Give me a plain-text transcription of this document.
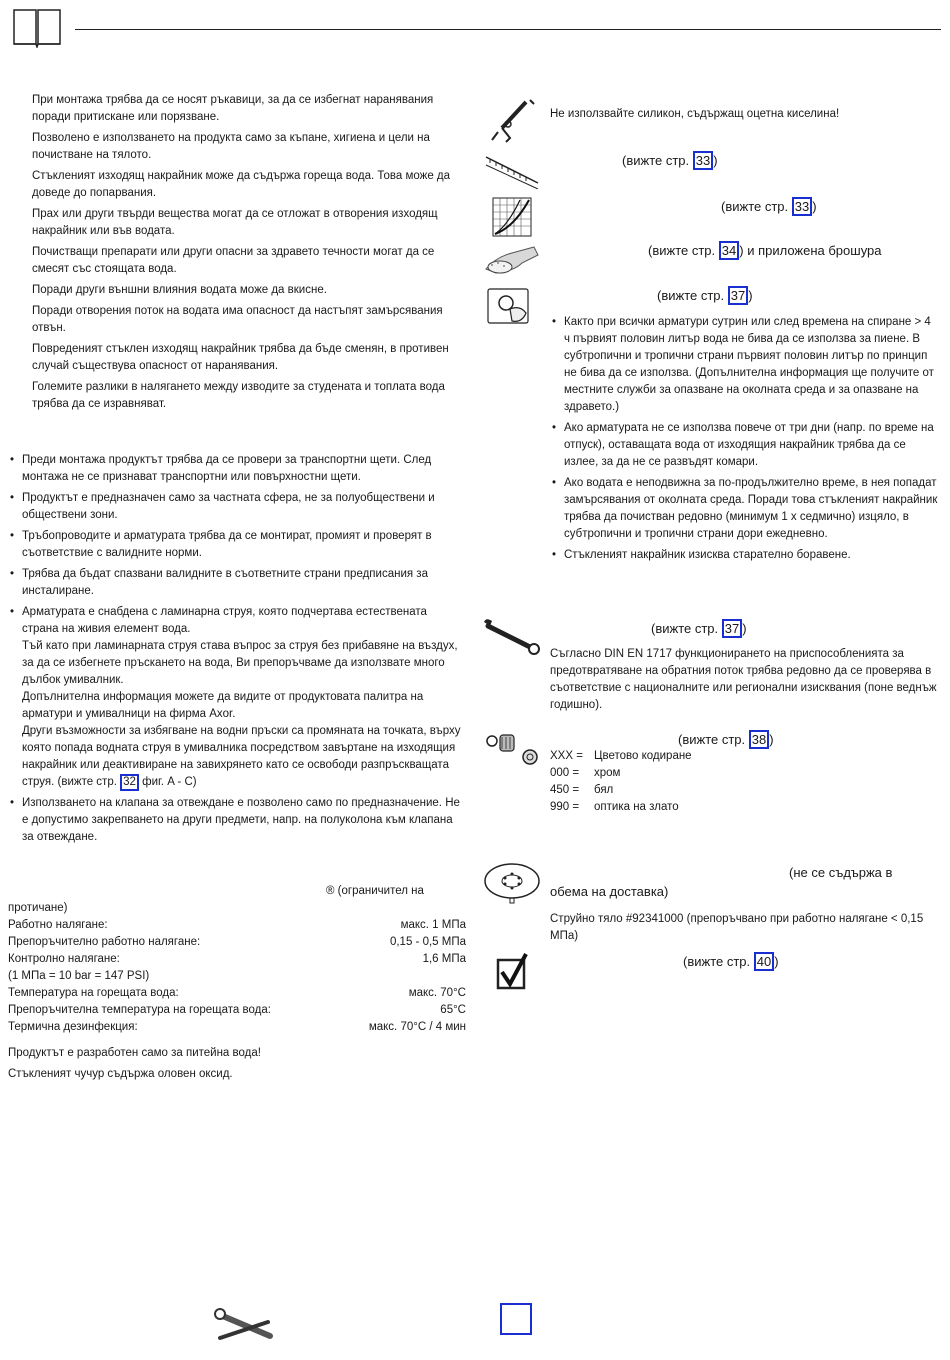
При монтажа трябва да се носят ръкавици, за да се избегнат наранявания поради притискане или порязване.

Позволено е използването на продукта само за къпане, хигиена и цели на почистване на тялото.

Стъкленият изходящ накрайник може да съдържа гореща вода. Това може да доведе до попарвания.

Прах или други твърди вещества могат да се отложат в отворения изходящ накрайник или във водата.

Почистващи препарати или други опасни за здравето течности могат да се смесят със стоящата вода.

Поради други външни влияния водата може да вкисне.

Поради отворения поток на водата има опасност да настъпят замърсявания отвън.

Повреденият стъклен изходящ накрайник трябва да бъде сменян, в противен случай съществува опасност от наранявания.

Големите разлики в налягането между изводите за студената и топлата вода трябва да се изравняват.

• Преди монтажа продуктът трябва да се провери за транспортни щети. След монтажа не се признават транспортни или повърхностни щети.
• Продуктът е предназначен само за частната сфера, не за полуобществени и обществени зони.
• Тръбопроводите и арматурата трябва да се монтират, промият и проверят в съответствие с валидните норми.
• Трябва да бъдат спазвани валидните в съответните страни предписания за инсталиране.
• Арматурата е снабдена с ламинарна струя, която подчертава естествената страна на живия елемент вода.
Тъй като при ламинарната струя става въпрос за струя без прибавяне на въздух, за да се избегнете пръскането на вода, Ви препоръчваме да използвате много дълбок умивалник.
Допълнителна информация можете да видите от продуктовата палитра на арматури и умивалници на фирма Axor.
Други възможности за избягване на водни пръски са промяната на точката, върху която попада водната струя в умивалника посредством завъртане на изходящия накрайник или деактивиране на завихрянето като се освободи разпръскващата струя. (вижте стр. 32 фиг. A - C)
• Използването на клапана за отвеждане е позволено само по предназначение. Не е допустимо закрепването на други предмети, напр. на полуколона към клапана за отвеждане.
® (ограничител на
протичане)
Работно налягане:	макс. 1 МПа
Препоръчително работно налягане:	0,15 - 0,5 МПа
Контролно налягане:	1,6 МПа
(1 МПа = 10 bar = 147 PSI)
Температура на горещата вода:	макс. 70°C
Препоръчителна температура на горещата вода:	65°C
Термична дезинфекция:	макс. 70°C / 4 мин

Продуктът е разработен само за питейна вода!

Стъкленият чучур съдържа оловен оксид.

Не използвайте силикон, съдържащ оцетна киселина!
(вижте стр. 33 )
(вижте стр. 33 )
(вижте стр. 34 ) и приложена брошура
(вижте стр. 37 )
• Както при всички арматури сутрин или след времена на спиране > 4 ч първият половин литър вода не бива да се използва за пиене. В субтропични и тропични страни първият половин литър по принцип не бива да се използва. (Допълнителна информация ще получите от местните служби за опазване на околната среда и за опазване на здравето.)
• Ако арматурата не се използва повече от три дни (напр. по време на отпуск), оставащата вода от изходящия накрайник трябва да се излее, за да не се развъдят комари.
• Ако водата е неподвижна за по-продължително време, в нея попадат замърсявания от околната среда. Поради това стъкленият накрайник трябва да почистван редовно (минимум 1 х седмично) изцяло, в субтропични и тропични страни дори ежедневно.
• Стъкленият накрайник изисква старателно боравене.
(вижте стр. 37 )
Съгласно DIN EN 1717 функционирането на приспособленията за предотвратяване на обратния поток трябва редовно да се проверява в съответствие с националните или регионални изисквания (поне веднъж годишно).
(вижте стр. 38 )
XXX = Цветово кодиране
000 =	хром
450 =	бял
990 =	оптика на злато
(не се съдържа в
обема на доставка)
Струйно тяло #92341000 (препоръчвано при работно налягане < 0,15 МПа)
(вижте стр. 40 )
